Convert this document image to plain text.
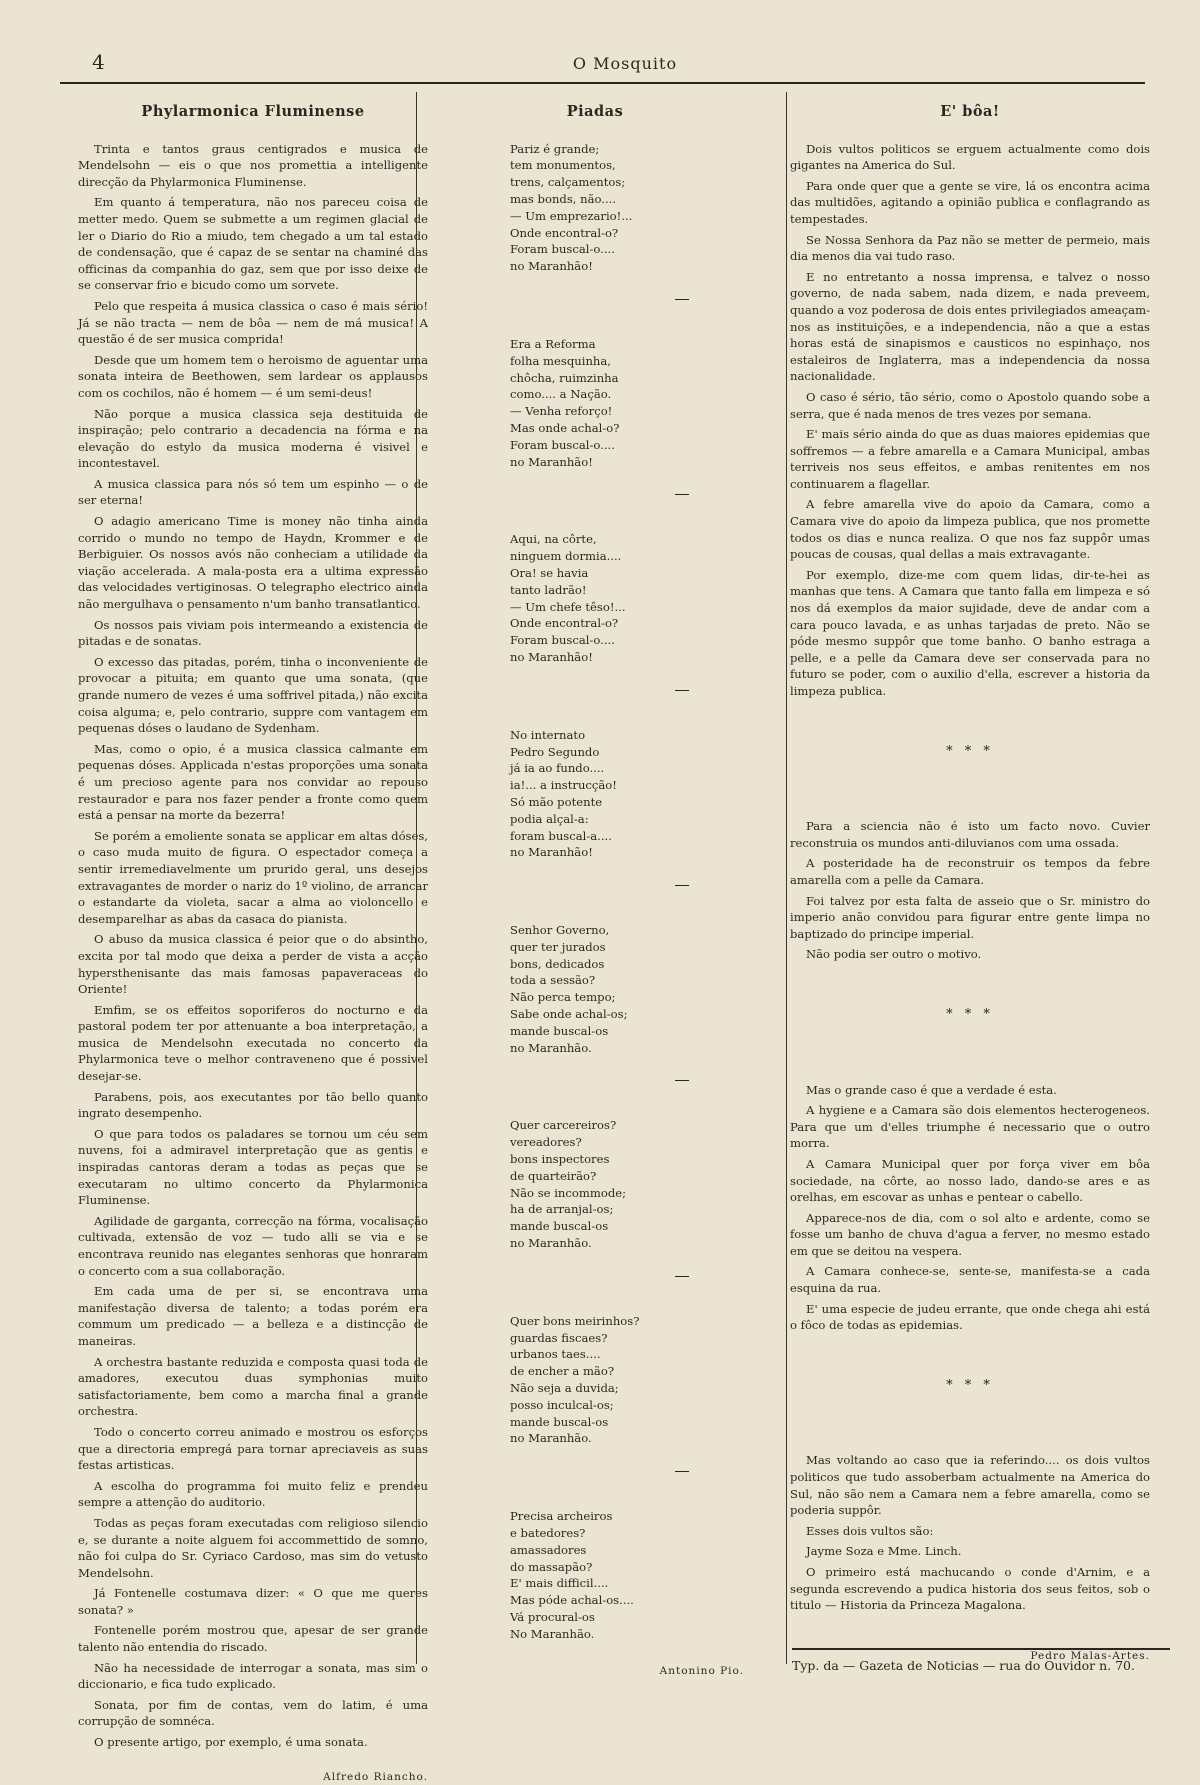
4	O Mosquito
Phylarmonica Fluminense

Trinta e tantos graus centigrados e musica de Mendelsohn — eis o que nos promettia a intelligente direcção da Phylarmonica Fluminense.

Em quanto á temperatura, não nos pareceu coisa de metter medo. Quem se submette a um regimen glacial de ler o Diario do Rio a miudo, tem chegado a um tal estado de condensação, que é capaz de se sentar na chaminé das officinas da companhia do gaz, sem que por isso deixe de se conservar frio e bicudo como um sorvete.

Pelo que respeita á musica classica o caso é mais sério! Já se não tracta — nem de bôa — nem de má musica! A questão é de ser musica comprida!

Desde que um homem tem o heroismo de aguentar uma sonata inteira de Beethowen, sem lardear os applausos com os cochilos, não é homem — é um semi-deus!

Não porque a musica classica seja destituida de inspiração; pelo contrario a decadencia na fórma e na elevação do estylo da musica moderna é visivel e incontestavel.

A musica classica para nós só tem um espinho — o de ser eterna!

O adagio americano Time is money não tinha ainda corrido o mundo no tempo de Haydn, Krommer e de Berbiguier. Os nossos avós não conheciam a utilidade da viação accelerada. A mala-posta era a ultima expressão das velocidades vertiginosas. O telegrapho electrico ainda não mergulhava o pensamento n'um banho transatlantico.

Os nossos pais viviam pois intermeando a existencia de pitadas e de sonatas.

O excesso das pitadas, porém, tinha o inconveniente de provocar a pituita; em quanto que uma sonata, (que grande numero de vezes é uma soffrivel pitada,) não excita coisa alguma; e, pelo contrario, suppre com vantagem em pequenas dóses o laudano de Sydenham.

Mas, como o opio, é a musica classica calmante em pequenas dóses. Applicada n'estas proporções uma sonata é um precioso agente para nos convidar ao repouso restaurador e para nos fazer pender a fronte como quem está a pensar na morte da bezerra!

Se porém a emoliente sonata se applicar em altas dóses, o caso muda muito de figura. O espectador começa a sentir irremediavelmente um prurido geral, uns desejos extravagantes de morder o nariz do 1º violino, de arrancar o estandarte da violeta, sacar a alma ao violoncello e desemparelhar as abas da casaca do pianista.

O abuso da musica classica é peior que o do absintho, excita por tal modo que deixa a perder de vista a acção hypersthenisante das mais famosas papaveraceas do Oriente!

Emfim, se os effeitos soporiferos do nocturno e da pastoral podem ter por attenuante a boa interpretação, a musica de Mendelsohn executada no concerto da Phylarmonica teve o melhor contraveneno que é possivel desejar-se.

Parabens, pois, aos executantes por tão bello quanto ingrato desempenho.

O que para todos os paladares se tornou um céu sem nuvens, foi a admiravel interpretação que as gentis e inspiradas cantoras deram a todas as peças que se executaram no ultimo concerto da Phylarmonica Fluminense.

Agilidade de garganta, correcção na fórma, vocalisação cultivada, extensão de voz — tudo alli se via e se encontrava reunido nas elegantes senhoras que honraram o concerto com a sua collaboração.

Em cada uma de per si, se encontrava uma manifestação diversa de talento; a todas porém era commum um predicado — a belleza e a distincção de maneiras.

A orchestra bastante reduzida e composta quasi toda de amadores, executou duas symphonias muito satisfactoriamente, bem como a marcha final a grande orchestra.

Todo o concerto correu animado e mostrou os esforços que a directoria empregá para tornar apreciaveis as suas festas artisticas.

A escolha do programma foi muito feliz e prendeu sempre a attenção do auditorio.

Todas as peças foram executadas com religioso silencio e, se durante a noite alguem foi accommettido de somno, não foi culpa do Sr. Cyriaco Cardoso, mas sim do vetusto Mendelsohn.

Já Fontenelle costumava dizer: « O que me queres sonata? »

Fontenelle porém mostrou que, apesar de ser grande talento não entendia do riscado.

Não ha necessidade de interrogar a sonata, mas sim o diccionario, e fica tudo explicado.

Sonata, por fim de contas, vem do latim, é uma corrupção de somnéca.

O presente artigo, por exemplo, é uma sonata.

Alfredo Riancho.
Piadas
Pariz é grande;
tem monumentos,
trens, calçamentos;
mas bonds, não....
— Um emprezario!...
Onde encontral-o?
Foram buscal-o....
no Maranhão!
Era a Reforma
folha mesquinha,
chôcha, ruimzinha
como.... a Nação.
— Venha reforço!
Mas onde achal-o?
Foram buscal-o....
no Maranhão!
Aqui, na côrte,
ninguem dormia....
Ora! se havia
tanto ladrão!
— Um chefe têso!...
Onde encontral-o?
Foram buscal-o....
no Maranhão!
No internato
Pedro Segundo
já ia ao fundo....
ia!... a instrucção!
Só mão potente
podia alçal-a:
foram buscal-a....
no Maranhão!
Senhor Governo,
quer ter jurados
bons, dedicados
toda a sessão?
Não perca tempo;
Sabe onde achal-os;
mande buscal-os
no Maranhão.
Quer carcereiros?
vereadores?
bons inspectores
de quarteirão?
Não se incommode;
ha de arranjal-os;
mande buscal-os
no Maranhão.
Quer bons meirinhos?
guardas fiscaes?
urbanos taes....
de encher a mão?
Não seja a duvida;
posso inculcal-os;
mande buscal-os
no Maranhão.
Precisa archeiros
e batedores?
amassadores
do massapão?
E' mais difficil....
Mas póde achal-os....
Vá procural-os
No Maranhão.
Antonino Pio.
E' bôa!

Dois vultos politicos se erguem actualmente como dois gigantes na America do Sul.

Para onde quer que a gente se vire, lá os encontra acima das multidões, agitando a opinião publica e conflagrando as tempestades.

Se Nossa Senhora da Paz não se metter de permeio, mais dia menos dia vai tudo raso.

E no entretanto a nossa imprensa, e talvez o nosso governo, de nada sabem, nada dizem, e nada preveem, quando a voz poderosa de dois entes privilegiados ameaçam-nos as instituições, e a independencia, não a que a estas horas está de sinapismos e causticos no espinhaço, nos estaleiros de Inglaterra, mas a independencia da nossa nacionalidade.

O caso é sério, tão sério, como o Apostolo quando sobe a serra, que é nada menos de tres vezes por semana.

E' mais sério ainda do que as duas maiores epidemias que soffremos — a febre amarella e a Camara Municipal, ambas terriveis nos seus effeitos, e ambas renitentes em nos continuarem a flagellar.

A febre amarella vive do apoio da Camara, como a Camara vive do apoio da limpeza publica, que nos promette todos os dias e nunca realiza. O que nos faz suppôr umas poucas de cousas, qual dellas a mais extravagante.

Por exemplo, dize-me com quem lidas, dir-te-hei as manhas que tens. A Camara que tanto falla em limpeza e só nos dá exemplos da maior sujidade, deve de andar com a cara pouco lavada, e as unhas tarjadas de preto. Não se póde mesmo suppôr que tome banho. O banho estraga a pelle, e a pelle da Camara deve ser conservada para no futuro se poder, com o auxilio d'ella, escrever a historia da limpeza publica.

* * *

Para a sciencia não é isto um facto novo. Cuvier reconstruia os mundos anti-diluvianos com uma ossada.

A posteridade ha de reconstruir os tempos da febre amarella com a pelle da Camara.

Foi talvez por esta falta de asseio que o Sr. ministro do imperio anão convidou para figurar entre gente limpa no baptizado do principe imperial.

Não podia ser outro o motivo.

* * *

Mas o grande caso é que a verdade é esta.

A hygiene e a Camara são dois elementos hecterogeneos. Para que um d'elles triumphe é necessario que o outro morra.

A Camara Municipal quer por força viver em bôa sociedade, na côrte, ao nosso lado, dando-se ares e as orelhas, em escovar as unhas e pentear o cabello.

Apparece-nos de dia, com o sol alto e ardente, como se fosse um banho de chuva d'agua a ferver, no mesmo estado em que se deitou na vespera.

A Camara conhece-se, sente-se, manifesta-se a cada esquina da rua.

E' uma especie de judeu errante, que onde chega ahi está o fôco de todas as epidemias.

* * *

Mas voltando ao caso que ia referindo.... os dois vultos politicos que tudo assoberbam actualmente na America do Sul, não são nem a Camara nem a febre amarella, como se poderia suppôr.

Esses dois vultos são:

Jayme Soza e Mme. Linch.

O primeiro está machucando o conde d'Arnim, e a segunda escrevendo a pudica historia dos seus feitos, sob o titulo — Historia da Princeza Magalona.

Pedro Malas-Artes.
Typ. da — Gazeta de Noticias — rua do Ouvidor n. 70.
